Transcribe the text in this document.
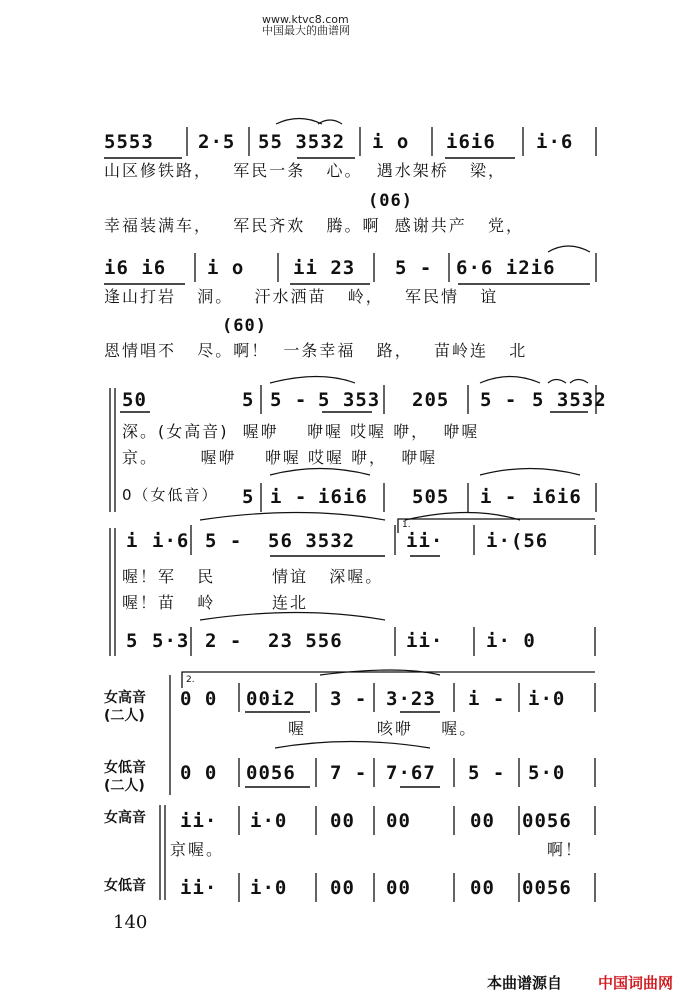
www.ktvc8.com
中国最大的曲谱网

5553 2·5 55 3532 i o i6i6 i·6
山区修铁路，   军民一条   心。  遇水架桥   梁，
(06)
幸福装满车，   军民齐欢   腾。啊  感谢共产   党，
i6 i6 i o	ii 23 5 - 6·6 i2i6
逢山打岩   洞。   汗水洒苗   岭，   军民情   谊
(60)
恩情唱不   尽。啊！  一条幸福   路，   苗岭连   北
50	5 5 - 5 353 205 5 - 5 3532
深。(女高音)  喔咿    咿喔 哎喔 咿，  咿喔
京。      喔咿    咿喔 哎喔 咿，  咿喔
0（女低音） 5 i - i6i6 505 i - i6i6
i i·6 5 - 56 3532	ii· i·(56
1.
喔！军   民        情谊   深喔。
喔！苗   岭        连北
5 5·3 2 - 23 556	ii· i· 0
2.
女高音
(二人)
0 0 00i2 3 - 3·23 i - i·0
喔          咳咿    喔。
女低音
(二人)
0 0 0056 7 - 7·67 5 - 5·0
女高音 ii· i·0 00 00	00 0056
京喔。	啊！
女低音 ii· i·0 00 00	00 0056
140
本曲谱源自 中国词曲网
